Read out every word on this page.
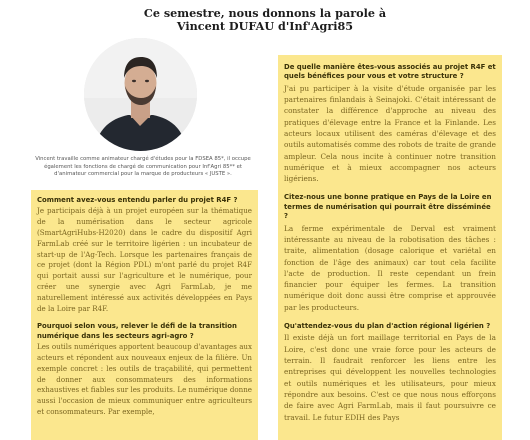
Ce semestre, nous donnons la parole à
Vincent DUFAU d'Inf'Agri85
Vincent travaille comme animateur chargé d'études pour la FDSEA 85*, il occupe également les fonctions de chargé de communication pour Inf'Agri 85** et d'animateur commercial pour la marque de producteurs « JUSTE ».
Comment avez-vous entendu parler du projet R4F ?
Je participais déjà à un projet européen sur la thématique de la numérisation dans le secteur agricole (SmartAgriHubs-H2020) dans le cadre du dispositif Agri FarmLab créé sur le territoire ligérien : un incubateur de start-up de l'Ag-Tech. Lorsque les partenaires français de ce projet (dont la Région PDL) m'ont parlé du projet R4F qui portait aussi sur l'agriculture et le numérique, pour créer une synergie avec Agri FarmLab, je me naturellement intéressé aux activités développées en Pays de la Loire par R4F.
Pourquoi selon vous, relever le défi de la transition numérique dans les secteurs agri-agro ?
Les outils numériques apportent beaucoup d'avantages aux acteurs et répondent aux nouveaux enjeux de la filière. Un exemple concret : les outils de traçabilité, qui permettent de donner aux consommateurs des informations exhaustives et fiables sur les produits. Le numérique donne aussi l'occasion de mieux communiquer entre agriculteurs et consommateurs. Par exemple,
De quelle manière êtes-vous associés au projet R4F et quels bénéfices pour vous et votre structure ?
J'ai pu participer à la visite d'étude organisée par les partenaires finlandais à Seinajoki. C'était intéressant de constater la différence d'approche au niveau des pratiques d'élevage entre la France et la Finlande. Les acteurs locaux utilisent des caméras d'élevage et des outils automatisés comme des robots de traite de grande ampleur. Cela nous incite à continuer notre transition numérique et à mieux accompagner nos acteurs ligériens.
Citez-nous une bonne pratique en Pays de la Loire en termes de numérisation qui pourrait être disséminée ?
La ferme expérimentale de Derval est vraiment intéressante au niveau de la robotisation des tâches : traite, alimentation (dosage calorique et variétal en fonction de l'âge des animaux) car tout cela facilite l'acte de production. Il reste cependant un frein financier pour équiper les fermes. La transition numérique doit donc aussi être comprise et approuvée par les producteurs.
Qu'attendez-vous du plan d'action régional ligérien ?
Il existe déjà un fort maillage territorial en Pays de la Loire, c'est donc une vraie force pour les acteurs de terrain. Il faudrait renforcer les liens entre les entreprises qui développent les nouvelles technologies et outils numériques et les utilisateurs, pour mieux répondre aux besoins. C'est ce que nous nous efforçons de faire avec Agri FarmLab, mais il faut poursuivre ce travail. Le futur EDIH des Pays
